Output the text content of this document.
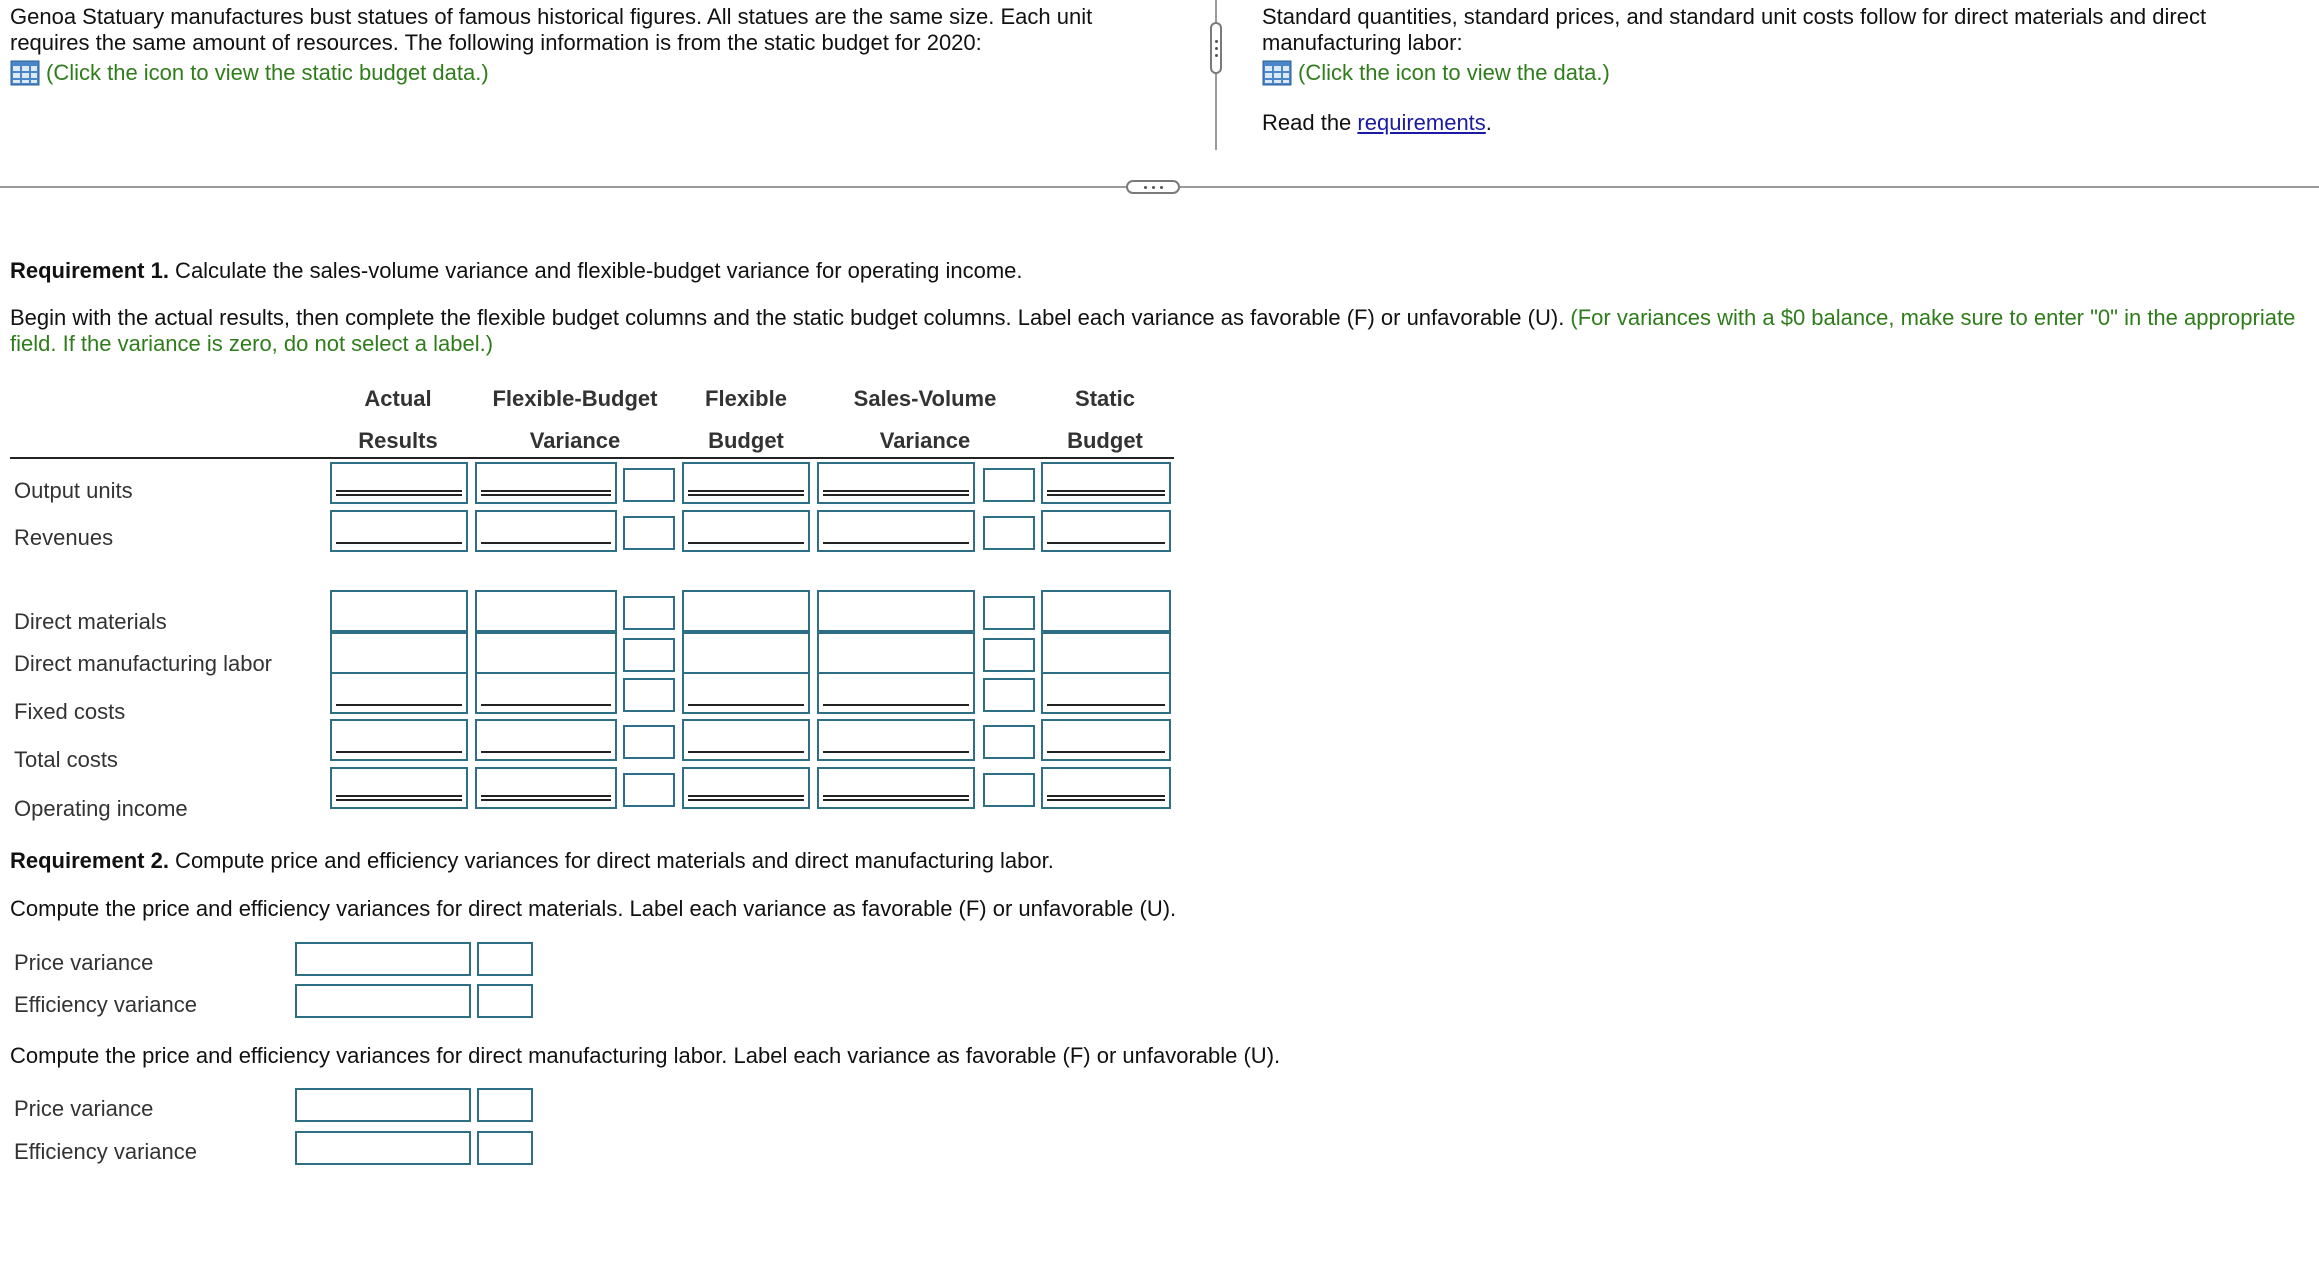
Genoa Statuary manufactures bust statues of famous historical figures. All statues are the same size. Each unit
requires the same amount of resources. The following information is from the static budget for 2020:
(Click the icon to view the static budget data.)
Standard quantities, standard prices, and standard unit costs follow for direct materials and direct
manufacturing labor:
(Click the icon to view the data.)
Read the requirements.
Requirement 1. Calculate the sales-volume variance and flexible-budget variance for operating income.
Begin with the actual results, then complete the flexible budget columns and the static budget columns. Label each variance as favorable (F) or unfavorable (U). (For variances with a $0 balance, make sure to enter "0" in the appropriate
field. If the variance is zero, do not select a label.)
Actual
Results
Flexible-Budget
Variance
Flexible
Budget
Sales-Volume
Variance
Static
Budget
Output units
Revenues
Direct materials
Direct manufacturing labor
Fixed costs
Total costs
Operating income
Requirement 2. Compute price and efficiency variances for direct materials and direct manufacturing labor.
Compute the price and efficiency variances for direct materials. Label each variance as favorable (F) or unfavorable (U).
Price variance
Efficiency variance
Compute the price and efficiency variances for direct manufacturing labor. Label each variance as favorable (F) or unfavorable (U).
Price variance
Efficiency variance
